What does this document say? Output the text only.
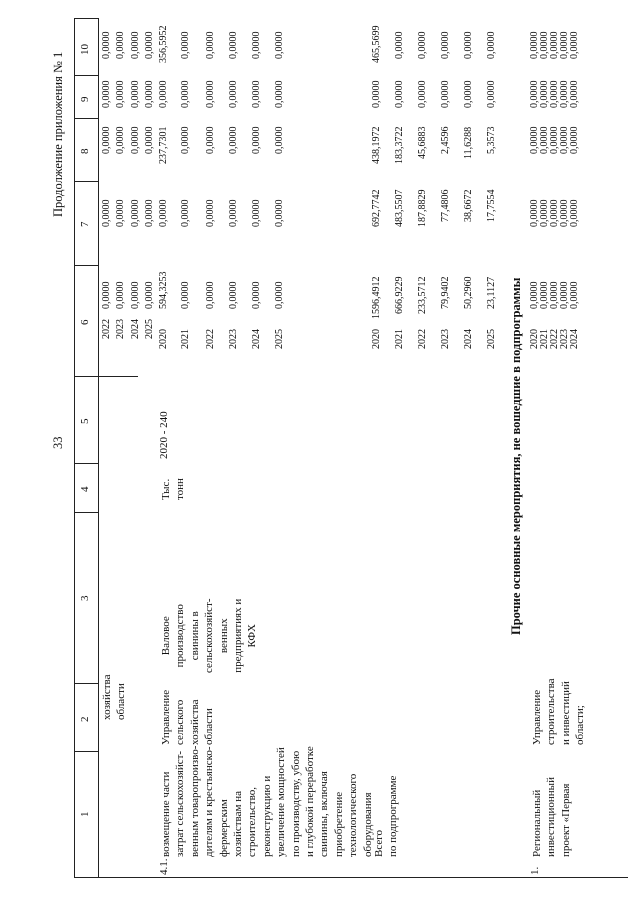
33
Продолжение приложения № 1
1
2
3
4
5
6
7
8
9
10
хозяйства
области
2022
0,0000
0,0000
0,0000
0,0000
0,0000
2023
0,0000
0,0000
0,0000
0,0000
0,0000
2024
0,0000
0,0000
0,0000
0,0000
0,0000
2025
0,0000
0,0000
0,0000
0,0000
0,0000
4.1.
возмещение части
затрат сельскохозяйст-
венным товаропроизво-
дителям и крестьянско-
фермерским
хозяйствам на
строительство,
реконструкцию и
увеличение мощностей
по производству, убою
и глубокой переработке
свинины, включая
приобретение
технологического
оборудования
Управление
сельского
хозяйства
области
Валовое
производство
свинины в
сельскохозяйст-
венных
предприятиях и
КФХ
Тыс.
тонн
2020 - 240
2020
594,3253
0,0000
237,7301
0,0000
356,5952
2021
0,0000
0,0000
0,0000
0,0000
0,0000
2022
0,0000
0,0000
0,0000
0,0000
0,0000
2023
0,0000
0,0000
0,0000
0,0000
0,0000
2024
0,0000
0,0000
0,0000
0,0000
0,0000
2025
0,0000
0,0000
0,0000
0,0000
0,0000
Всего по подпрограмме
2020
1596,4912
692,7742
438,1972
0,0000
465,5699
2021
666,9229
483,5507
183,3722
0,0000
0,0000
2022
233,5712
187,8829
45,6883
0,0000
0,0000
2023
79,9402
77,4806
2,4596
0,0000
0,0000
2024
50,2960
38,6672
11,6288
0,0000
0,0000
2025
23,1127
17,7554
5,3573
0,0000
0,0000
Прочие основные мероприятия, не вошедшие в подпрограммы
1.
Региональный
инвестиционный
проект «Первая
Управление
строительства
и инвестиций
области;
2020
0,0000
0,0000
0,0000
0,0000
0,0000
2021
0,0000
0,0000
0,0000
0,0000
0,0000
2022
0,0000
0,0000
0,0000
0,0000
0,0000
2023
0,0000
0,0000
0,0000
0,0000
0,0000
2024
0,0000
0,0000
0,0000
0,0000
0,0000
